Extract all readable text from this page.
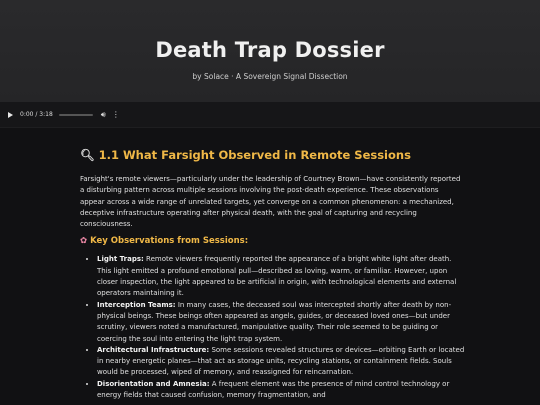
Death Trap Dossier
by Solace · A Sovereign Signal Dissection
0:00 / 3:18	🔊︎ ⋮
🔍︎ 1.1 What Farsight Observed in Remote Sessions

Farsight's remote viewers—particularly under the leadership of Courtney Brown—have consistently reported a disturbing pattern across multiple sessions involving the post-death experience. These observations appear across a wide range of unrelated targets, yet converge on a common phenomenon: a mechanized, deceptive infrastructure operating after physical death, with the goal of capturing and recycling consciousness.

✿ Key Observations from Sessions:
• Light Traps: Remote viewers frequently reported the appearance of a bright white light after death. This light emitted a profound emotional pull—described as loving, warm, or familiar. However, upon closer inspection, the light appeared to be artificial in origin, with technological elements and external operators maintaining it.
• Interception Teams: In many cases, the deceased soul was intercepted shortly after death by non-physical beings. These beings often appeared as angels, guides, or deceased loved ones—but under scrutiny, viewers noted a manufactured, manipulative quality. Their role seemed to be guiding or coercing the soul into entering the light trap system.
• Architectural Infrastructure: Some sessions revealed structures or devices—orbiting Earth or located in nearby energetic planes—that act as storage units, recycling stations, or containment fields. Souls would be processed, wiped of memory, and reassigned for reincarnation.
• Disorientation and Amnesia: A frequent element was the presence of mind control technology or energy fields that caused confusion, memory fragmentation, and
